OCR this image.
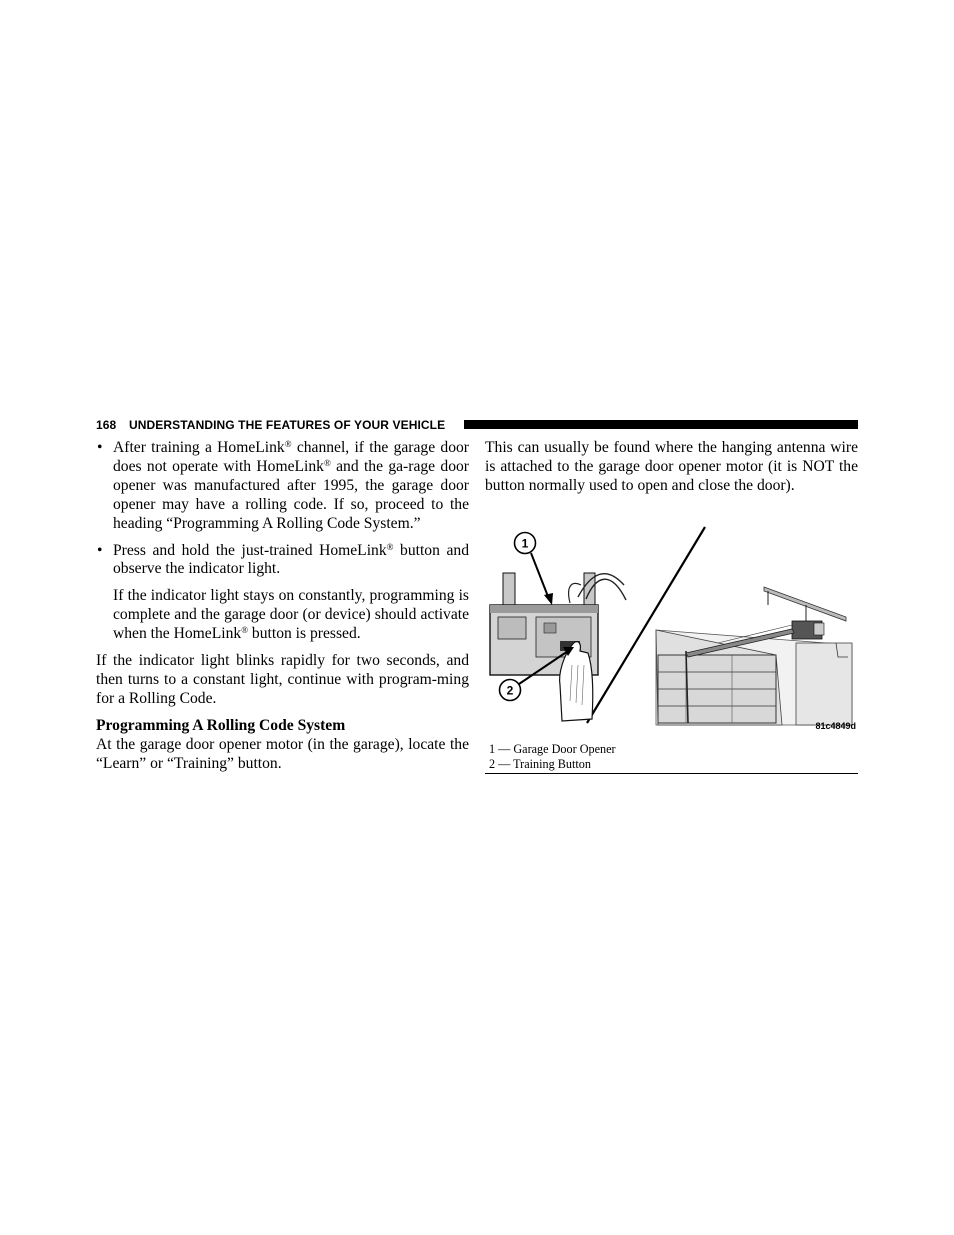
168 UNDERSTANDING THE FEATURES OF YOUR VEHICLE
• After training a HomeLink® channel, if the garage door does not operate with HomeLink® and the ga-rage door opener was manufactured after 1995, the garage door opener may have a rolling code. If so, proceed to the heading “Programming A Rolling Code System.”
• Press and hold the just-trained HomeLink® button and observe the indicator light.
If the indicator light stays on constantly, programming is complete and the garage door (or device) should activate when the HomeLink® button is pressed.

If the indicator light blinks rapidly for two seconds, and then turns to a constant light, continue with program-ming for a Rolling Code.

Programming A Rolling Code System

At the garage door opener motor (in the garage), locate the “Learn” or “Training” button.

This can usually be found where the hanging antenna wire is attached to the garage door opener motor (it is NOT the button normally used to open and close the door).

1
2
81c4849d
1 — Garage Door Opener
2 — Training Button
